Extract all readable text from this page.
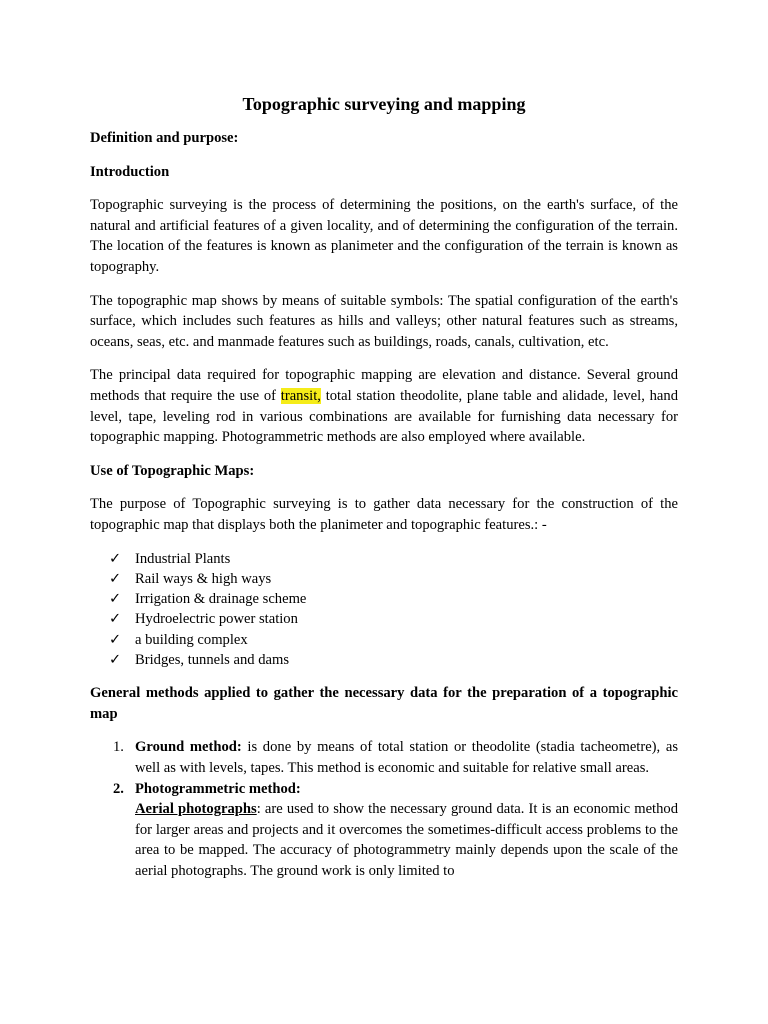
Topographic surveying and mapping
Definition and purpose:
Introduction

Topographic surveying is the process of determining the positions, on the earth's surface, of the natural and artificial features of a given locality, and of determining the configuration of the terrain. The location of the features is known as planimeter and the configuration of the terrain is known as topography.

The topographic map shows by means of suitable symbols: The spatial configuration of the earth's surface, which includes such features as hills and valleys; other natural features such as streams, oceans, seas, etc. and manmade features such as buildings, roads, canals, cultivation, etc.

The principal data required for topographic mapping are elevation and distance. Several ground methods that require the use of transit, total station theodolite, plane table and alidade, level, hand level, tape, leveling rod in various combinations are available for furnishing data necessary for topographic mapping. Photogrammetric methods are also employed where available.

Use of Topographic Maps:

The purpose of Topographic surveying is to gather data necessary for the construction of the topographic map that displays both the planimeter and topographic features.: -

✓ Industrial Plants
✓ Rail ways & high ways
✓ Irrigation & drainage scheme
✓ Hydroelectric power station
✓ a building complex
✓ Bridges, tunnels and dams

General methods applied to gather the necessary data for the preparation of a topographic map

1. Ground method: is done by means of total station or theodolite (stadia tacheometre), as well as with levels, tapes. This method is economic and suitable for relative small areas.
2. Photogrammetric method:
Aerial photographs: are used to show the necessary ground data. It is an economic method for larger areas and projects and it overcomes the sometimes-difficult access problems to the area to be mapped. The accuracy of photogrammetry mainly depends upon the scale of the aerial photographs. The ground work is only limited to
